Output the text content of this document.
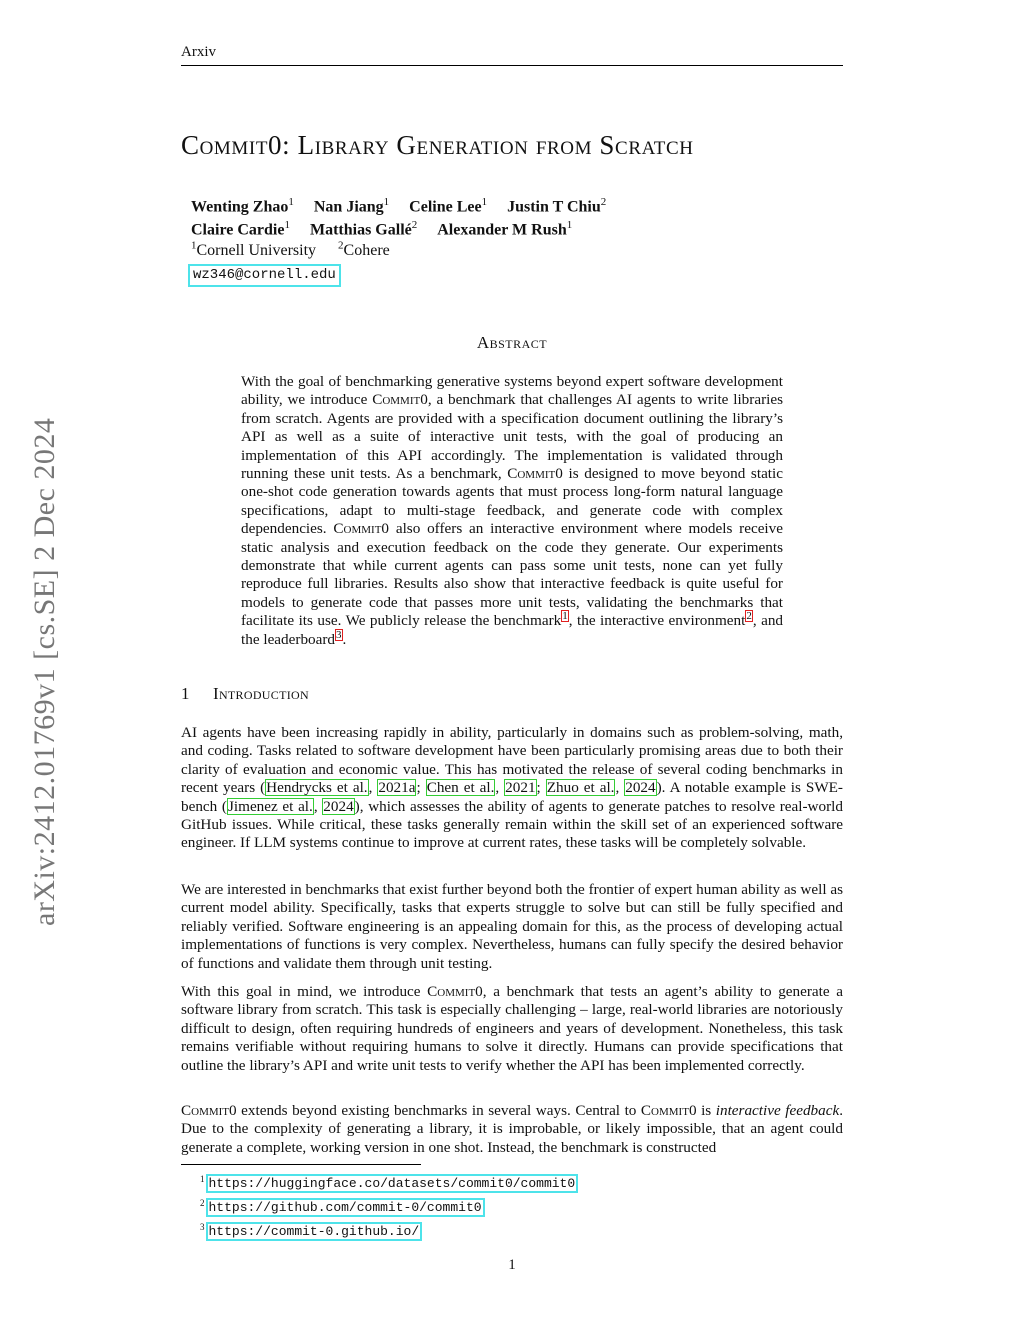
Arxiv
arXiv:2412.01769v1 [cs.SE] 2 Dec 2024
Commit0: Library Generation from Scratch
Wenting Zhao$^1$ Nan Jiang$^1$ Celine Lee$^1$ Justin T Chiu$^2$
Claire Cardie$^1$ Matthias Gallé$^2$ Alexander M Rush$^1$
$^1$Cornell University $^2$Cohere
wz346@cornell.edu
Abstract
With the goal of benchmarking generative systems beyond expert software development ability, we introduce Commit0, a benchmark that challenges AI agents to write libraries from scratch. Agents are provided with a specification document outlining the library’s API as well as a suite of interactive unit tests, with the goal of producing an implementation of this API accordingly. The implementation is validated through running these unit tests. As a benchmark, Commit0 is designed to move beyond static one-shot code generation towards agents that must process long-form natural language specifications, adapt to multi-stage feedback, and generate code with complex dependencies. Commit0 also offers an interactive environment where models receive static analysis and execution feedback on the code they generate. Our experiments demonstrate that while current agents can pass some unit tests, none can yet fully reproduce full libraries. Results also show that interactive feedback is quite useful for models to generate code that passes more unit tests, validating the benchmarks that facilitate its use. We publicly release the benchmark$^1$, the interactive environment$^2$, and the leaderboard$^3$.
1 Introduction
AI agents have been increasing rapidly in ability, particularly in domains such as problem-solving, math, and coding. Tasks related to software development have been particularly promising areas due to both their clarity of evaluation and economic value. This has motivated the release of several coding benchmarks in recent years (Hendrycks et al., 2021a; Chen et al., 2021; Zhuo et al., 2024). A notable example is SWE-bench (Jimenez et al., 2024), which assesses the ability of agents to generate patches to resolve real-world GitHub issues. While critical, these tasks generally remain within the skill set of an experienced software engineer. If LLM systems continue to improve at current rates, these tasks will be completely solvable.
We are interested in benchmarks that exist further beyond both the frontier of expert human ability as well as current model ability. Specifically, tasks that experts struggle to solve but can still be fully specified and reliably verified. Software engineering is an appealing domain for this, as the process of developing actual implementations of functions is very complex. Nevertheless, humans can fully specify the desired behavior of functions and validate them through unit testing.
With this goal in mind, we introduce Commit0, a benchmark that tests an agent’s ability to generate a software library from scratch. This task is especially challenging – large, real-world libraries are notoriously difficult to design, often requiring hundreds of engineers and years of development. Nonetheless, this task remains verifiable without requiring humans to solve it directly. Humans can provide specifications that outline the library’s API and write unit tests to verify whether the API has been implemented correctly.
Commit0 extends beyond existing benchmarks in several ways. Central to Commit0 is interactive feedback. Due to the complexity of generating a library, it is improbable, or likely impossible, that an agent could generate a complete, working version in one shot. Instead, the benchmark is constructed
$^1$ https://huggingface.co/datasets/commit0/commit0
$^2$ https://github.com/commit-0/commit0
$^3$ https://commit-0.github.io/
1
